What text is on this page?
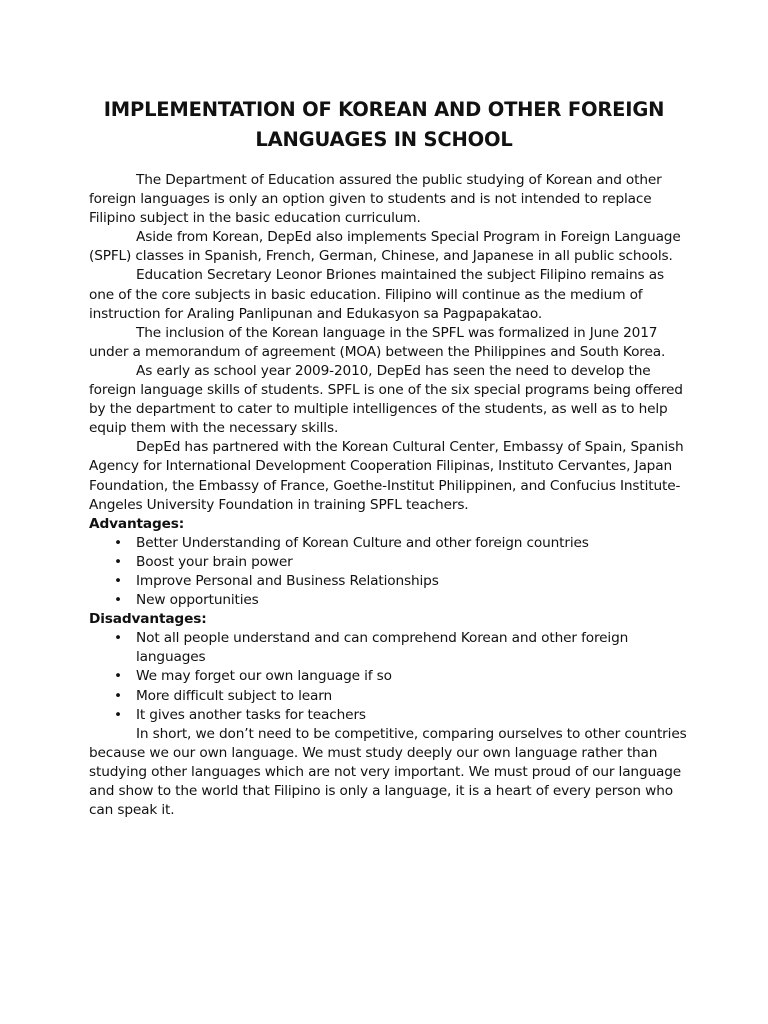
IMPLEMENTATION OF KOREAN AND OTHER FOREIGN
LANGUAGES IN SCHOOL

The Department of Education assured the public studying of Korean and other foreign languages is only an option given to students and is not intended to replace Filipino subject in the basic education curriculum.

Aside from Korean, DepEd also implements Special Program in Foreign Language (SPFL) classes in Spanish, French, German, Chinese, and Japanese in all public schools.

Education Secretary Leonor Briones maintained the subject Filipino remains as one of the core subjects in basic education. Filipino will continue as the medium of instruction for Araling Panlipunan and Edukasyon sa Pagpapakatao.

The inclusion of the Korean language in the SPFL was formalized in June 2017 under a memorandum of agreement (MOA) between the Philippines and South Korea.

As early as school year 2009-2010, DepEd has seen the need to develop the foreign language skills of students. SPFL is one of the six special programs being offered by the department to cater to multiple intelligences of the students, as well as to help equip them with the necessary skills.

DepEd has partnered with the Korean Cultural Center, Embassy of Spain, Spanish Agency for International Development Cooperation Filipinas, Instituto Cervantes, Japan Foundation, the Embassy of France, Goethe-Institut Philippinen, and Confucius Institute-Angeles University Foundation in training SPFL teachers.

Advantages:

• Better Understanding of Korean Culture and other foreign countries
• Boost your brain power
• Improve Personal and Business Relationships
• New opportunities

Disadvantages:

• Not all people understand and can comprehend Korean and other foreign languages
• We may forget our own language if so
• More difficult subject to learn
• It gives another tasks for teachers

In short, we don’t need to be competitive, comparing ourselves to other countries because we our own language. We must study deeply our own language rather than studying other languages which are not very important. We must proud of our language and show to the world that Filipino is only a language, it is a heart of every person who can speak it.
